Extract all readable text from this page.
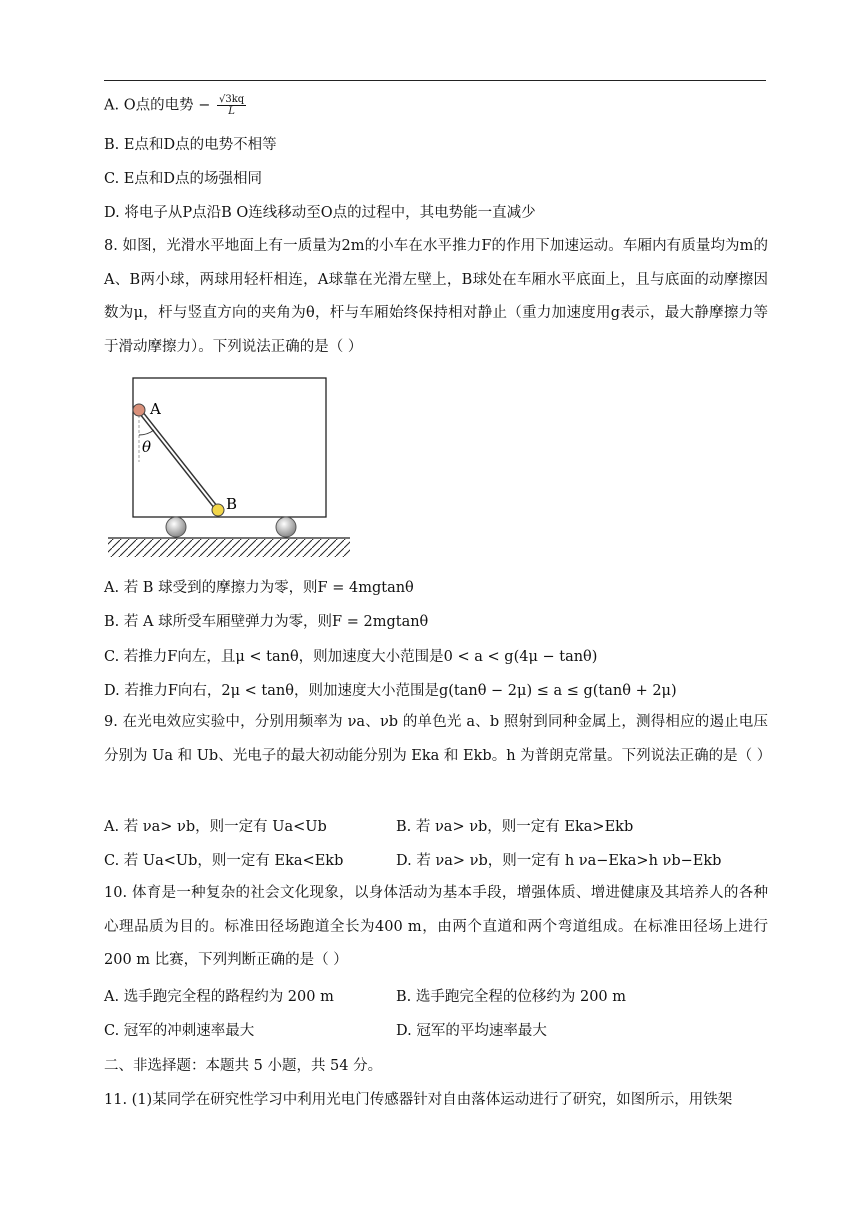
A. O点的电势 − $\frac{√3kq}{L}$
B. E点和D点的电势不相等
C. E点和D点的场强相同
D. 将电子从P点沿B O连线移动至O点的过程中，其电势能一直减少
8. 如图，光滑水平地面上有一质量为2m的小车在水平推力F的作用下加速运动。车厢内有质量均为m的A、B两小球，两球用轻杆相连，A球靠在光滑左壁上，B球处在车厢水平底面上，且与底面的动摩擦因数为μ，杆与竖直方向的夹角为θ，杆与车厢始终保持相对静止（重力加速度用g表示，最大静摩擦力等于滑动摩擦力）。下列说法正确的是（ ）
A
B
θ
A. 若 B 球受到的摩擦力为零，则F = 4mgtanθ
B. 若 A 球所受车厢壁弹力为零，则F = 2mgtanθ
C. 若推力F向左，且μ < tanθ，则加速度大小范围是0 < a < g(4μ − tanθ)
D. 若推力F向右，2μ < tanθ，则加速度大小范围是g(tanθ − 2μ) ≤ a ≤ g(tanθ + 2μ)
9. 在光电效应实验中，分别用频率为 νa、νb 的单色光 a、b 照射到同种金属上，测得相应的遏止电压分别为 Ua 和 Ub、光电子的最大初动能分别为 Eka 和 Ekb。h 为普朗克常量。下列说法正确的是（ ）
A. 若 νa> νb，则一定有 Ua<Ub	B. 若 νa> νb，则一定有 Eka>Ekb
C. 若 Ua<Ub，则一定有 Eka<Ekb	D. 若 νa> νb，则一定有 h νa−Eka>h νb−Ekb
10. 体育是一种复杂的社会文化现象，以身体活动为基本手段，增强体质、增进健康及其培养人的各种心理品质为目的。标准田径场跑道全长为400 m，由两个直道和两个弯道组成。在标准田径场上进行 200 m 比赛，下列判断正确的是（ ）
A. 选手跑完全程的路程约为 200 m	B. 选手跑完全程的位移约为 200 m
C. 冠军的冲刺速率最大	D. 冠军的平均速率最大
二、非选择题：本题共 5 小题，共 54 分。
11. (1)某同学在研究性学习中利用光电门传感器针对自由落体运动进行了研究，如图所示，用铁架
